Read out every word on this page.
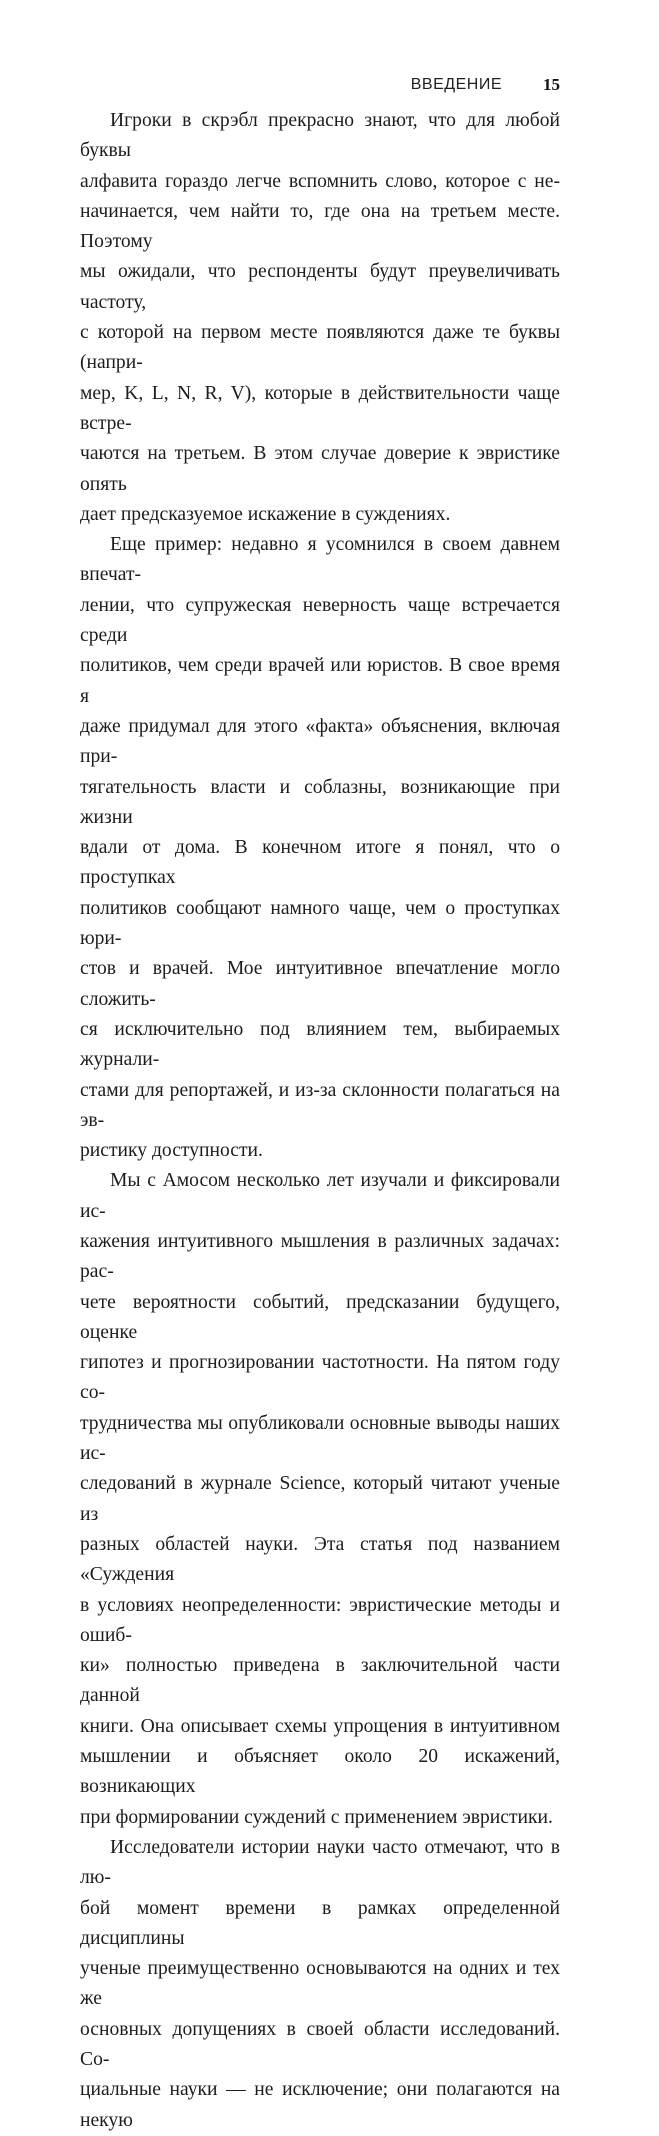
ВВЕДЕНИЕ 15

Игроки в скрэбл прекрасно знают, что для любой буквы
алфавита гораздо легче вспомнить слово, которое с не-
начинается, чем найти то, где она на третьем месте. Поэтому
мы ожидали, что респонденты будут преувеличивать частоту,
с которой на первом месте появляются даже те буквы (напри-
мер, K, L, N, R, V), которые в действительности чаще встре-
чаются на третьем. В этом случае доверие к эвристике опять
дает предсказуемое искажение в суждениях.

Еще пример: недавно я усомнился в своем давнем впечат-
лении, что супружеская неверность чаще встречается среди
политиков, чем среди врачей или юристов. В свое время я
даже придумал для этого «факта» объяснения, включая при-
тягательность власти и соблазны, возникающие при жизни
вдали от дома. В конечном итоге я понял, что о проступках
политиков сообщают намного чаще, чем о проступках юри-
стов и врачей. Мое интуитивное впечатление могло сложить-
ся исключительно под влиянием тем, выбираемых журнали-
стами для репортажей, и из-за склонности полагаться на эв-
ристику доступности.

Мы с Амосом несколько лет изучали и фиксировали ис-
кажения интуитивного мышления в различных задачах: рас-
чете вероятности событий, предсказании будущего, оценке
гипотез и прогнозировании частотности. На пятом году со-
трудничества мы опубликовали основные выводы наших ис-
следований в журнале Science, который читают ученые из
разных областей науки. Эта статья под названием «Суждения
в условиях неопределенности: эвристические методы и ошиб-
ки» полностью приведена в заключительной части данной
книги. Она описывает схемы упрощения в интуитивном
мышлении и объясняет около 20 искажений, возникающих
при формировании суждений с применением эвристики.

Исследователи истории науки часто отмечают, что в лю-
бой момент времени в рамках определенной дисциплины
ученые преимущественно основываются на одних и тех же
основных допущениях в своей области исследований. Со-
циальные науки — не исключение; они полагаются на некую
